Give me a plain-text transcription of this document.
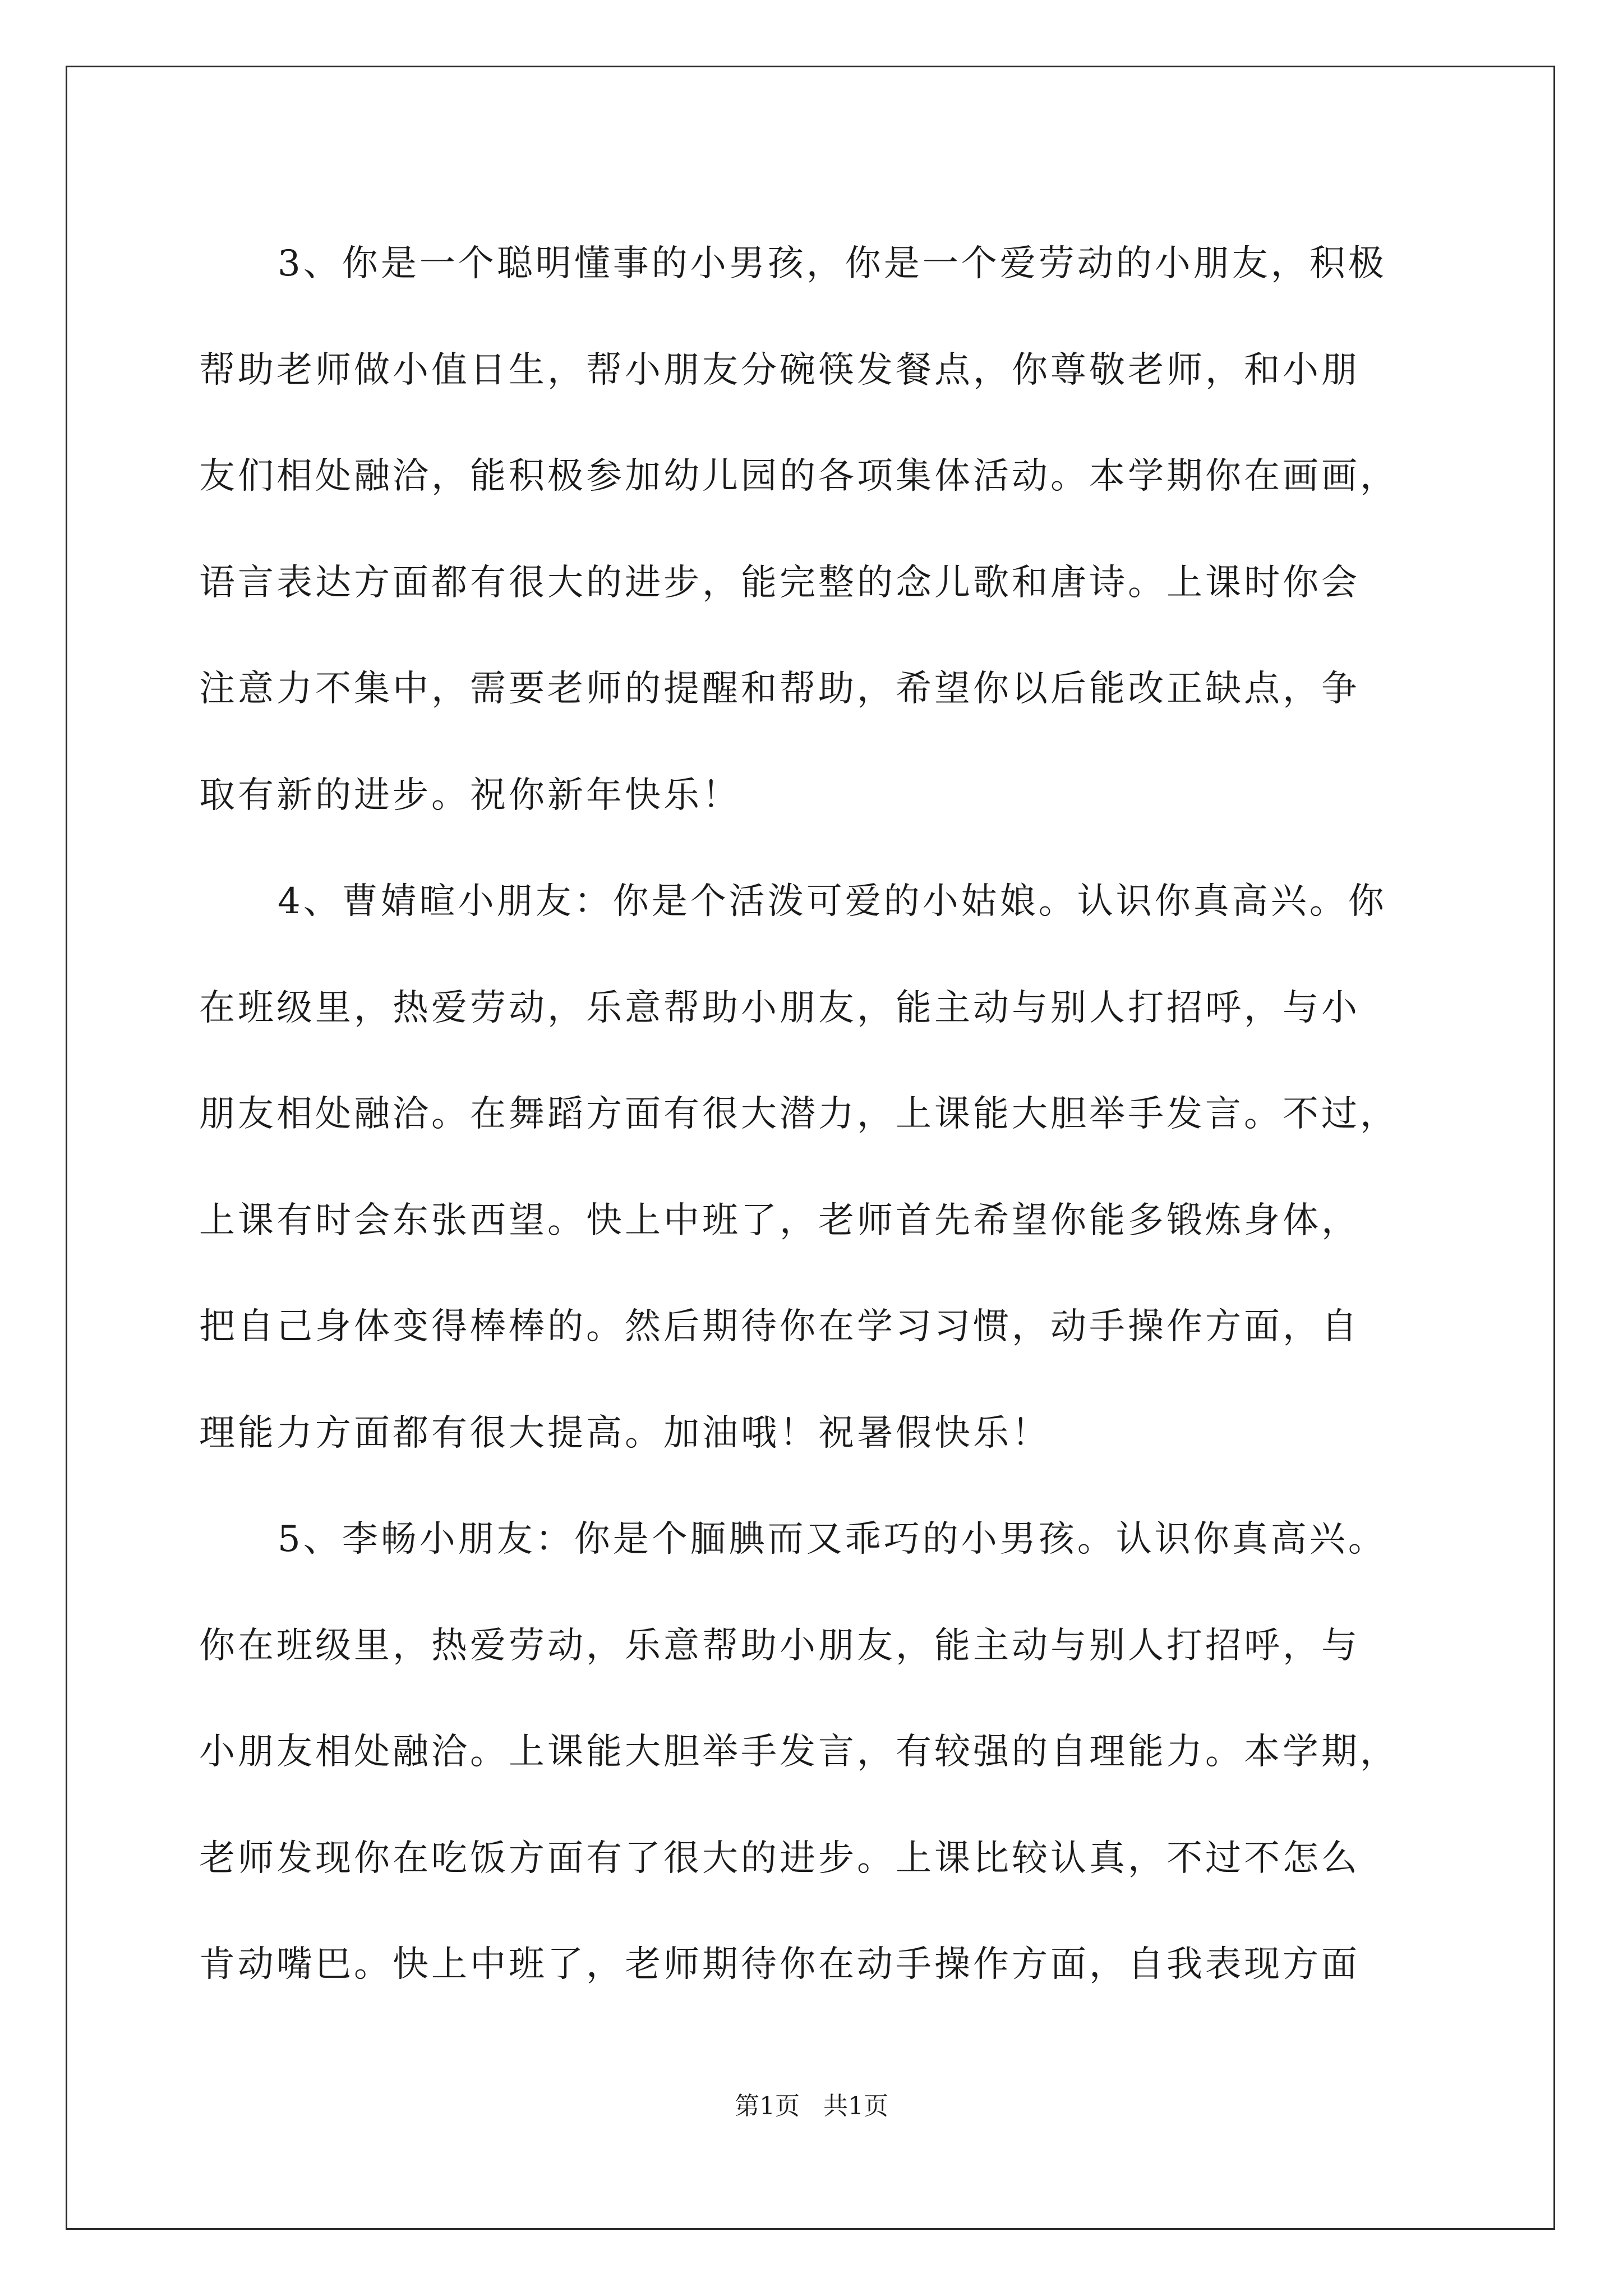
3、你是一个聪明懂事的小男孩，你是一个爱劳动的小朋友，积极
帮助老师做小值日生，帮小朋友分碗筷发餐点，你尊敬老师，和小朋
友们相处融洽，能积极参加幼儿园的各项集体活动。本学期你在画画，
语言表达方面都有很大的进步，能完整的念儿歌和唐诗。上课时你会
注意力不集中，需要老师的提醒和帮助，希望你以后能改正缺点，争
取有新的进步。祝你新年快乐！
4、曹婧暄小朋友：你是个活泼可爱的小姑娘。认识你真高兴。你
在班级里，热爱劳动，乐意帮助小朋友，能主动与别人打招呼，与小
朋友相处融洽。在舞蹈方面有很大潜力，上课能大胆举手发言。不过，
上课有时会东张西望。快上中班了，老师首先希望你能多锻炼身体，
把自己身体变得棒棒的。然后期待你在学习习惯，动手操作方面，自
理能力方面都有很大提高。加油哦！祝暑假快乐！
5、李畅小朋友：你是个腼腆而又乖巧的小男孩。认识你真高兴。
你在班级里，热爱劳动，乐意帮助小朋友，能主动与别人打招呼，与
小朋友相处融洽。上课能大胆举手发言，有较强的自理能力。本学期，
老师发现你在吃饭方面有了很大的进步。上课比较认真，不过不怎么
肯动嘴巴。快上中班了，老师期待你在动手操作方面，自我表现方面
第1页   共1页
